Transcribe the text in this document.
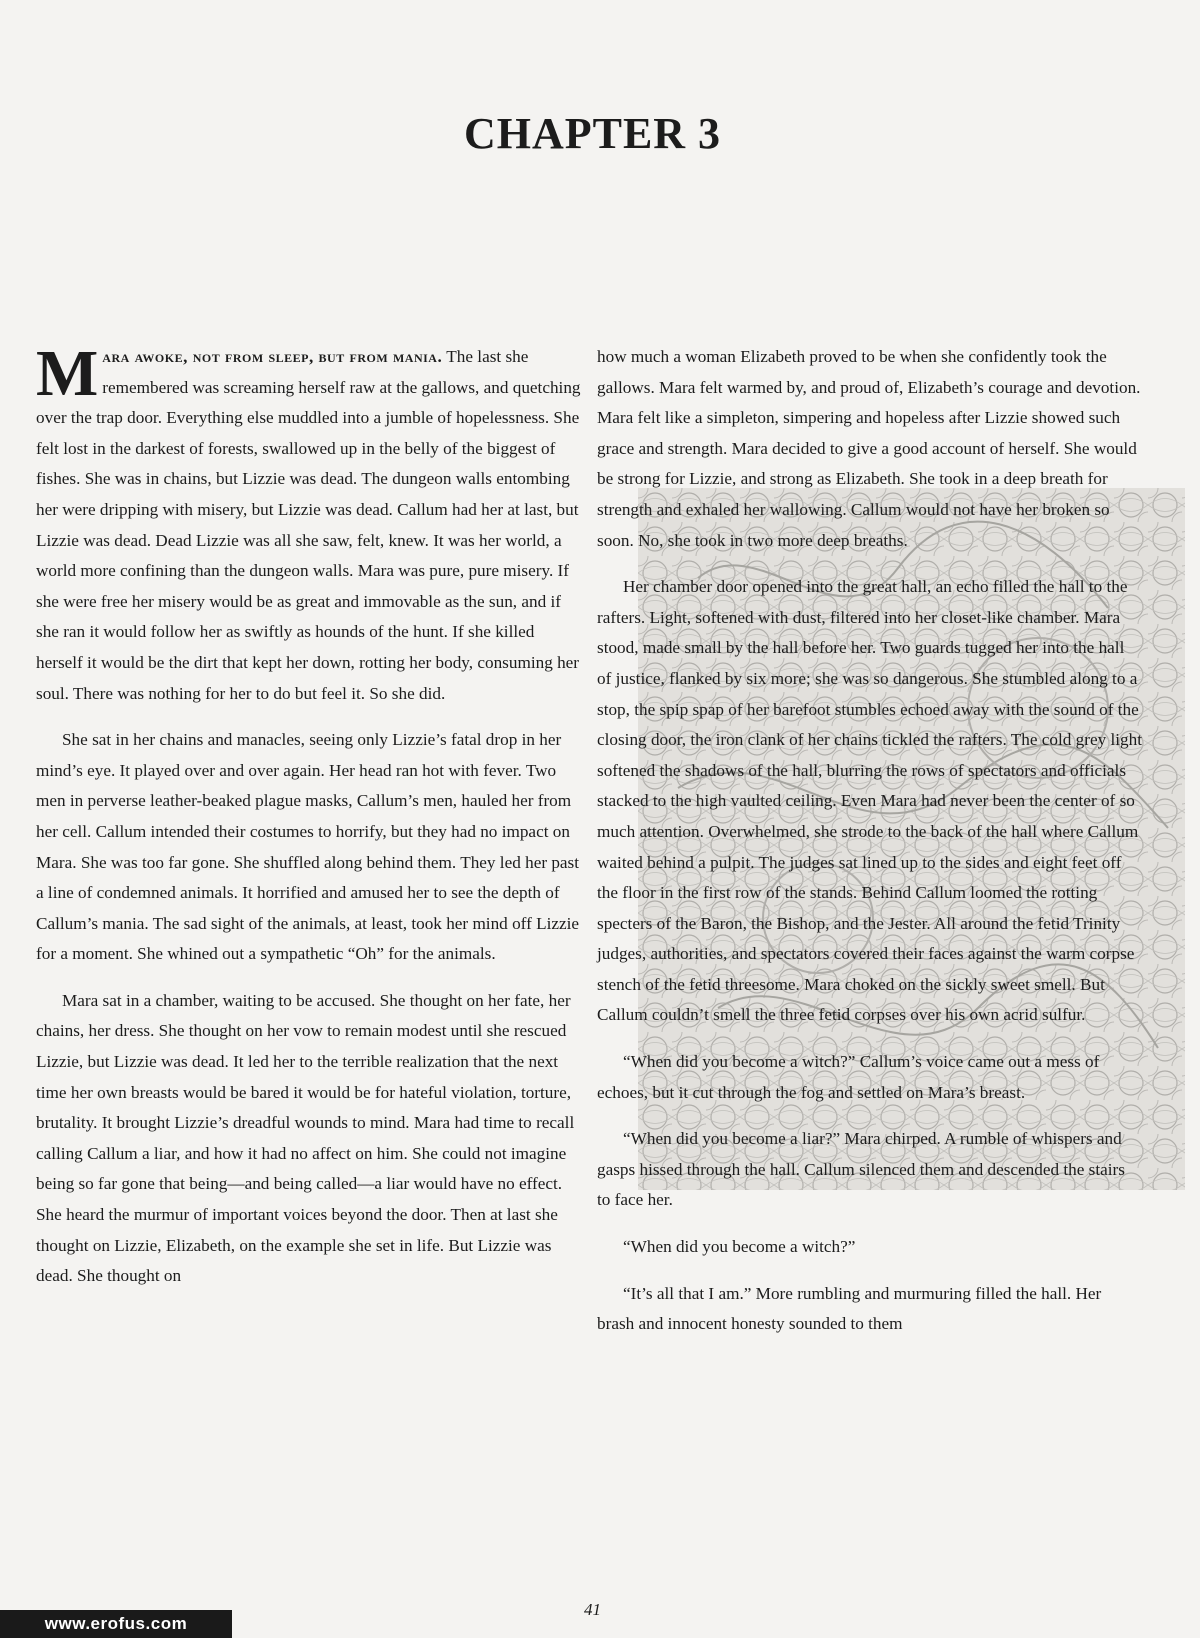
CHAPTER 3

Mara awoke, not from sleep, but from mania. The last she remembered was screaming herself raw at the gallows, and quetching over the trap door. Everything else muddled into a jumble of hopelessness. She felt lost in the darkest of forests, swallowed up in the belly of the biggest of fishes. She was in chains, but Lizzie was dead. The dungeon walls entombing her were dripping with misery, but Lizzie was dead. Callum had her at last, but Lizzie was dead. Dead Lizzie was all she saw, felt, knew. It was her world, a world more confining than the dungeon walls. Mara was pure, pure misery. If she were free her misery would be as great and immovable as the sun, and if she ran it would follow her as swiftly as hounds of the hunt. If she killed herself it would be the dirt that kept her down, rotting her body, consuming her soul. There was nothing for her to do but feel it. So she did.

She sat in her chains and manacles, seeing only Lizzie’s fatal drop in her mind’s eye. It played over and over again. Her head ran hot with fever. Two men in perverse leather-beaked plague masks, Callum’s men, hauled her from her cell. Callum intended their costumes to horrify, but they had no impact on Mara. She was too far gone. She shuffled along behind them. They led her past a line of condemned animals. It horrified and amused her to see the depth of Callum’s mania. The sad sight of the animals, at least, took her mind off Lizzie for a moment. She whined out a sympathetic “Oh” for the animals.

Mara sat in a chamber, waiting to be accused. She thought on her fate, her chains, her dress. She thought on her vow to remain modest until she rescued Lizzie, but Lizzie was dead. It led her to the terrible realization that the next time her own breasts would be bared it would be for hateful violation, torture, brutality. It brought Lizzie’s dreadful wounds to mind. Mara had time to recall calling Callum a liar, and how it had no affect on him. She could not imagine being so far gone that being—and being called—a liar would have no effect. She heard the murmur of important voices beyond the door. Then at last she thought on Lizzie, Elizabeth, on the example she set in life. But Lizzie was dead. She thought on

how much a woman Elizabeth proved to be when she confidently took the gallows. Mara felt warmed by, and proud of, Elizabeth’s courage and devotion. Mara felt like a simpleton, simpering and hopeless after Lizzie showed such grace and strength. Mara decided to give a good account of herself. She would be strong for Lizzie, and strong as Elizabeth. She took in a deep breath for strength and exhaled her wallowing. Callum would not have her broken so soon. No, she took in two more deep breaths.

Her chamber door opened into the great hall, an echo filled the hall to the rafters. Light, softened with dust, filtered into her closet-like chamber. Mara stood, made small by the hall before her. Two guards tugged her into the hall of justice, flanked by six more; she was so dangerous. She stumbled along to a stop, the spip spap of her barefoot stumbles echoed away with the sound of the closing door, the iron clank of her chains tickled the rafters. The cold grey light softened the shadows of the hall, blurring the rows of spectators and officials stacked to the high vaulted ceiling. Even Mara had never been the center of so much attention. Overwhelmed, she strode to the back of the hall where Callum waited behind a pulpit. The judges sat lined up to the sides and eight feet off the floor in the first row of the stands. Behind Callum loomed the rotting specters of the Baron, the Bishop, and the Jester. All around the fetid Trinity judges, authorities, and spectators covered their faces against the warm corpse stench of the fetid threesome. Mara choked on the sickly sweet smell. But Callum couldn’t smell the three fetid corpses over his own acrid sulfur.

“When did you become a witch?” Callum’s voice came out a mess of echoes, but it cut through the fog and settled on Mara’s breast.

“When did you become a liar?” Mara chirped. A rumble of whispers and gasps hissed through the hall. Callum silenced them and descended the stairs to face her.

“When did you become a witch?”

“It’s all that I am.” More rumbling and murmuring filled the hall. Her brash and innocent honesty sounded to them

41
www.erofus.com
